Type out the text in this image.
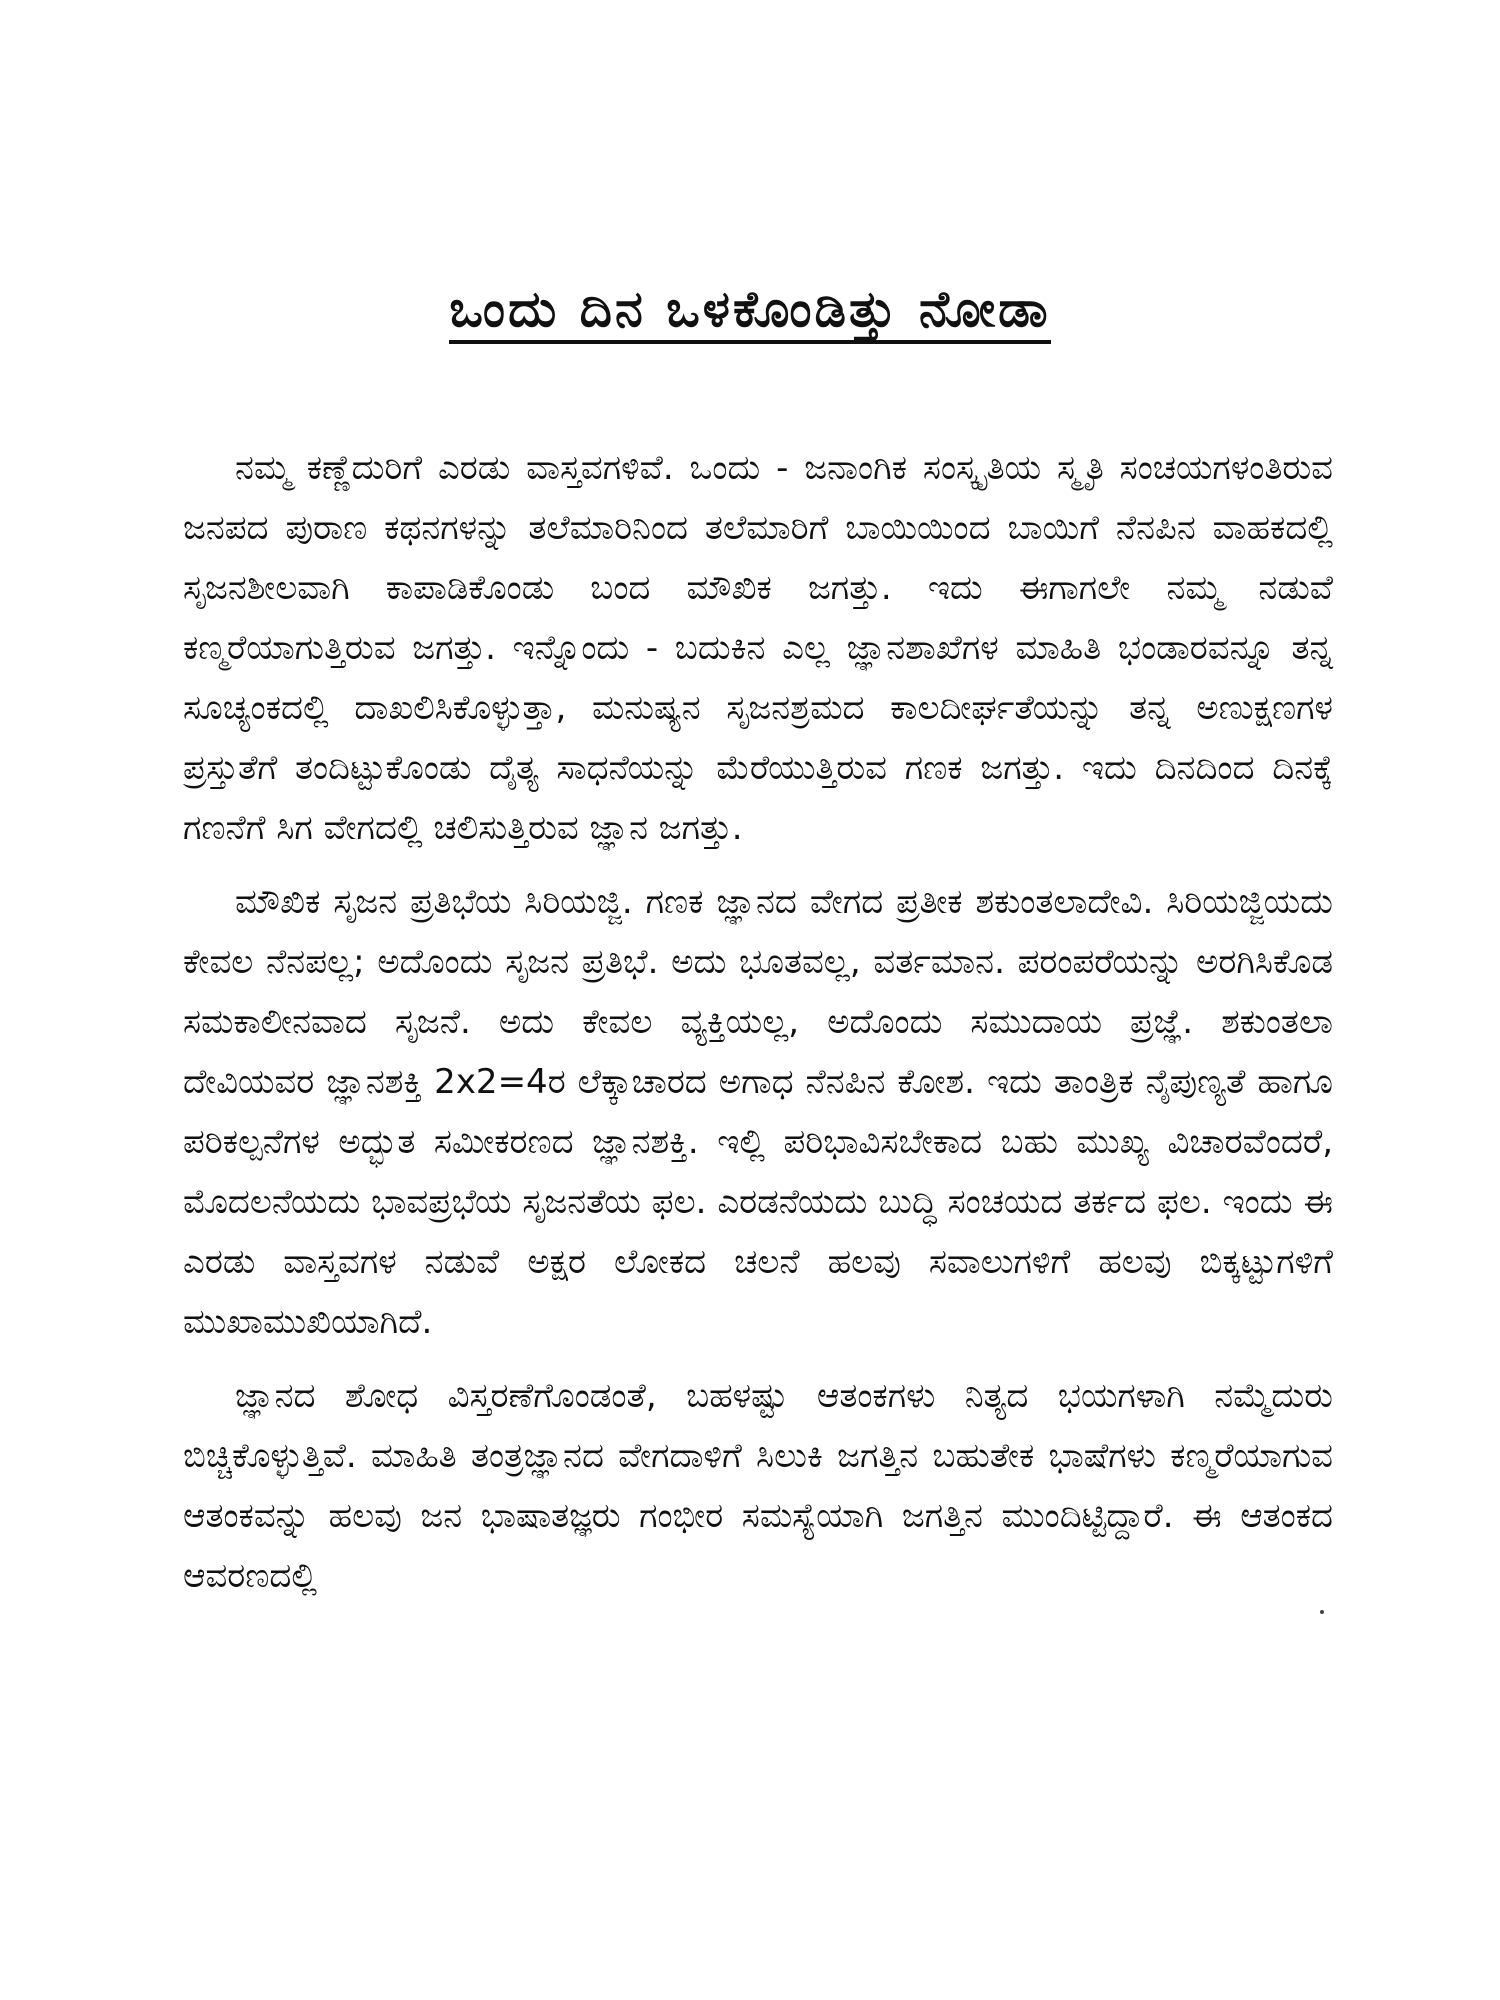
ಒಂದು ದಿನ ಒಳಕೊಂಡಿತ್ತು ನೋಡಾ

ನಮ್ಮ ಕಣ್ಣೆದುರಿಗೆ ಎರಡು ವಾಸ್ತವಗಳಿವೆ. ಒಂದು - ಜನಾಂಗಿಕ ಸಂಸ್ಕೃತಿಯ ಸ್ಮೃತಿ ಸಂಚಯಗಳಂತಿರುವ ಜನಪದ ಪುರಾಣ ಕಥನಗಳನ್ನು ತಲೆಮಾರಿನಿಂದ ತಲೆಮಾರಿಗೆ ಬಾಯಿಯಿಂದ ಬಾಯಿಗೆ ನೆನಪಿನ ವಾಹಕದಲ್ಲಿ ಸೃಜನಶೀಲವಾಗಿ ಕಾಪಾಡಿಕೊಂಡು ಬಂದ ಮೌಖಿಕ ಜಗತ್ತು. ಇದು ಈಗಾಗಲೇ ನಮ್ಮ ನಡುವೆ ಕಣ್ಮರೆಯಾಗುತ್ತಿರುವ ಜಗತ್ತು. ಇನ್ನೊಂದು - ಬದುಕಿನ ಎಲ್ಲ ಜ್ಞಾನಶಾಖೆಗಳ ಮಾಹಿತಿ ಭಂಡಾರವನ್ನೂ ತನ್ನ ಸೂಚ್ಯಂಕದಲ್ಲಿ ದಾಖಲಿಸಿಕೊಳ್ಳುತ್ತಾ, ಮನುಷ್ಯನ ಸೃಜನಶ್ರಮದ ಕಾಲದೀರ್ಘತೆಯನ್ನು ತನ್ನ ಅಣುಕ್ಷಣಗಳ ಪ್ರಸ್ತುತೆಗೆ ತಂದಿಟ್ಟುಕೊಂಡು ದೈತ್ಯ ಸಾಧನೆಯನ್ನು ಮೆರೆಯುತ್ತಿರುವ ಗಣಕ ಜಗತ್ತು. ಇದು ದಿನದಿಂದ ದಿನಕ್ಕೆ ಗಣನೆಗೆ ಸಿಗ ವೇಗದಲ್ಲಿ ಚಲಿಸುತ್ತಿರುವ ಜ್ಞಾನ ಜಗತ್ತು.

ಮೌಖಿಕ ಸೃಜನ ಪ್ರತಿಭೆಯ ಸಿರಿಯಜ್ಜಿ. ಗಣಕ ಜ್ಞಾನದ ವೇಗದ ಪ್ರತೀಕ ಶಕುಂತಲಾದೇವಿ. ಸಿರಿಯಜ್ಜಿಯದು ಕೇವಲ ನೆನಪಲ್ಲ; ಅದೊಂದು ಸೃಜನ ಪ್ರತಿಭೆ. ಅದು ಭೂತವಲ್ಲ, ವರ್ತಮಾನ. ಪರಂಪರೆಯನ್ನು ಅರಗಿಸಿಕೊಡ ಸಮಕಾಲೀನವಾದ ಸೃಜನೆ. ಅದು ಕೇವಲ ವ್ಯಕ್ತಿಯಲ್ಲ, ಅದೊಂದು ಸಮುದಾಯ ಪ್ರಜ್ಞೆ. ಶಕುಂತಲಾ ದೇವಿಯವರ ಜ್ಞಾನಶಕ್ತಿ 2x2=4ರ ಲೆಕ್ಕಾಚಾರದ ಅಗಾಧ ನೆನಪಿನ ಕೋಶ. ಇದು ತಾಂತ್ರಿಕ ನೈಪುಣ್ಯತೆ ಹಾಗೂ ಪರಿಕಲ್ಪನೆಗಳ ಅದ್ಭುತ ಸಮೀಕರಣದ ಜ್ಞಾನಶಕ್ತಿ. ಇಲ್ಲಿ ಪರಿಭಾವಿಸಬೇಕಾದ ಬಹು ಮುಖ್ಯ ವಿಚಾರವೆಂದರೆ, ಮೊದಲನೆಯದು ಭಾವಪ್ರಭೆಯ ಸೃಜನತೆಯ ಫಲ. ಎರಡನೆಯದು ಬುದ್ಧಿ ಸಂಚಯದ ತರ್ಕದ ಫಲ. ಇಂದು ಈ ಎರಡು ವಾಸ್ತವಗಳ ನಡುವೆ ಅಕ್ಷರ ಲೋಕದ ಚಲನೆ ಹಲವು ಸವಾಲುಗಳಿಗೆ ಹಲವು ಬಿಕ್ಕಟ್ಟುಗಳಿಗೆ ಮುಖಾಮುಖಿಯಾಗಿದೆ.

ಜ್ಞಾನದ ಶೋಧ ವಿಸ್ತರಣೆಗೊಂಡಂತೆ, ಬಹಳಷ್ಟು ಆತಂಕಗಳು ನಿತ್ಯದ ಭಯಗಳಾಗಿ ನಮ್ಮೆದುರು ಬಿಚ್ಚಿಕೊಳ್ಳುತ್ತಿವೆ. ಮಾಹಿತಿ ತಂತ್ರಜ್ಞಾನದ ವೇಗದಾಳಿಗೆ ಸಿಲುಕಿ ಜಗತ್ತಿನ ಬಹುತೇಕ ಭಾಷೆಗಳು ಕಣ್ಮರೆಯಾಗುವ ಆತಂಕವನ್ನು ಹಲವು ಜನ ಭಾಷಾತಜ್ಞರು ಗಂಭೀರ ಸಮಸ್ಯೆಯಾಗಿ ಜಗತ್ತಿನ ಮುಂದಿಟ್ಟಿದ್ದಾರೆ. ಈ ಆತಂಕದ ಆವರಣದಲ್ಲಿ
